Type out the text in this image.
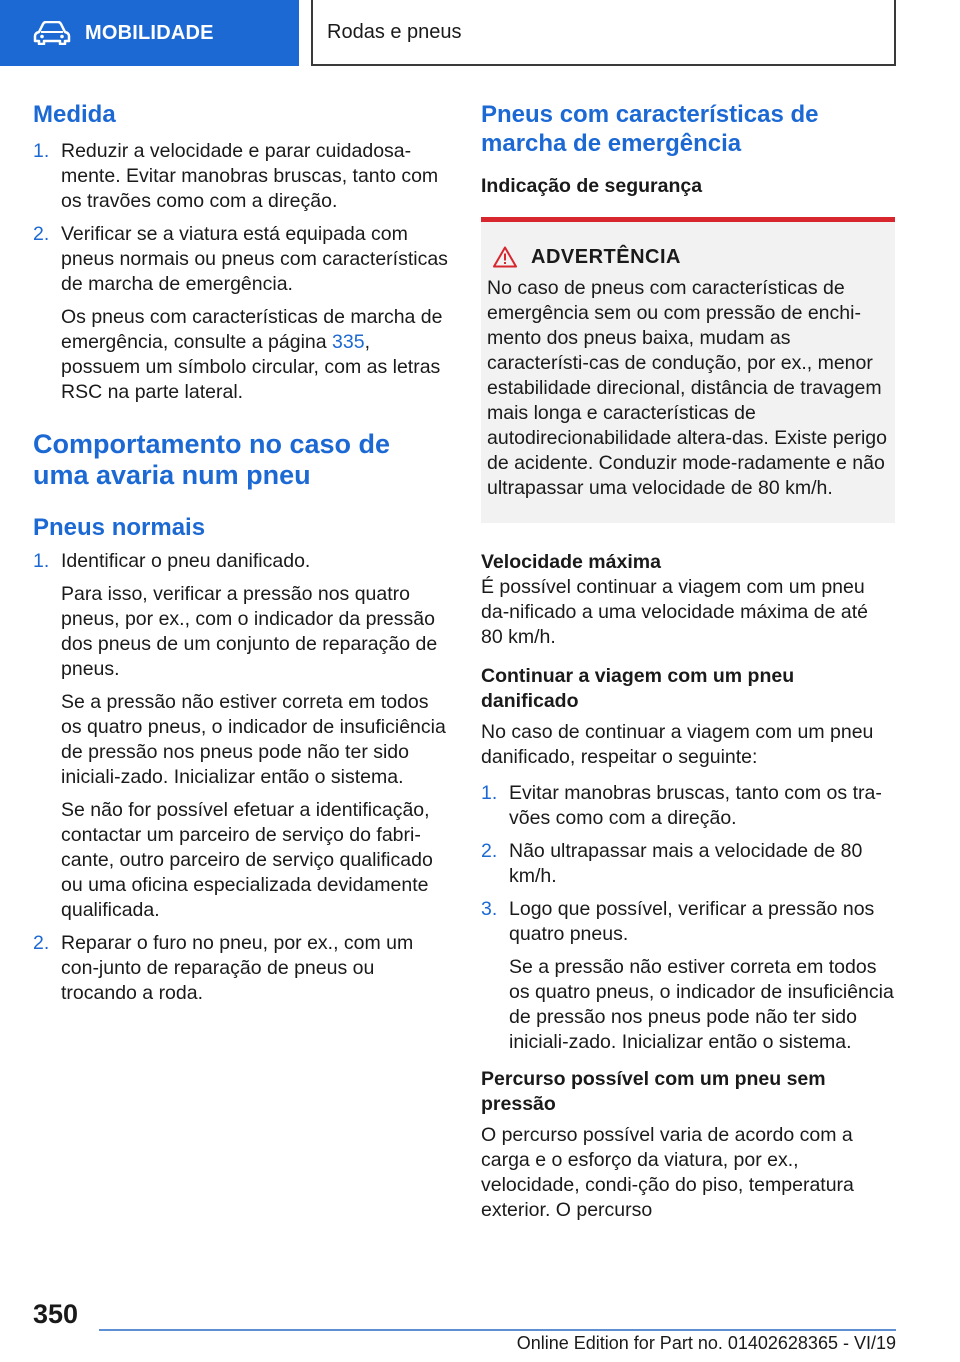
MOBILIDADE	Rodas e pneus
Medida
1. Reduzir a velocidade e parar cuidadosa-mente. Evitar manobras bruscas, tanto com os travões como com a direção.

2. Verificar se a viatura está equipada com pneus normais ou pneus com características de marcha de emergência.

Os pneus com características de marcha de emergência, consulte a página 335, possuem um símbolo circular, com as letras RSC na parte lateral.

Comportamento no caso de uma avaria num pneu
Pneus normais
1. Identificar o pneu danificado.

Para isso, verificar a pressão nos quatro pneus, por ex., com o indicador da pressão dos pneus de um conjunto de reparação de pneus.

Se a pressão não estiver correta em todos os quatro pneus, o indicador de insuficiência de pressão nos pneus pode não ter sido iniciali-zado. Inicializar então o sistema.

Se não for possível efetuar a identificação, contactar um parceiro de serviço do fabri-cante, outro parceiro de serviço qualificado ou uma oficina especializada devidamente qualificada.

2. Reparar o furo no pneu, por ex., com um con-junto de reparação de pneus ou trocando a roda.

Pneus com características de marcha de emergência
Indicação de segurança
ADVERTÊNCIA

No caso de pneus com características de emergência sem ou com pressão de enchi-mento dos pneus baixa, mudam as característi-cas de condução, por ex., menor estabilidade direcional, distância de travagem mais longa e características de autodirecionabilidade altera-das. Existe perigo de acidente. Conduzir mode-radamente e não ultrapassar uma velocidade de 80 km/h.

Velocidade máxima

É possível continuar a viagem com um pneu da-nificado a uma velocidade máxima de até 80 km/h.

Continuar a viagem com um pneu danificado

No caso de continuar a viagem com um pneu danificado, respeitar o seguinte:

1. Evitar manobras bruscas, tanto com os tra-vões como com a direção.

2. Não ultrapassar mais a velocidade de 80 km/h.

3. Logo que possível, verificar a pressão nos quatro pneus.

Se a pressão não estiver correta em todos os quatro pneus, o indicador de insuficiência de pressão nos pneus pode não ter sido iniciali-zado. Inicializar então o sistema.

Percurso possível com um pneu sem pressão

O percurso possível varia de acordo com a carga e o esforço da viatura, por ex., velocidade, condi-ção do piso, temperatura exterior. O percurso

350
Online Edition for Part no. 01402628365 - VI/19
